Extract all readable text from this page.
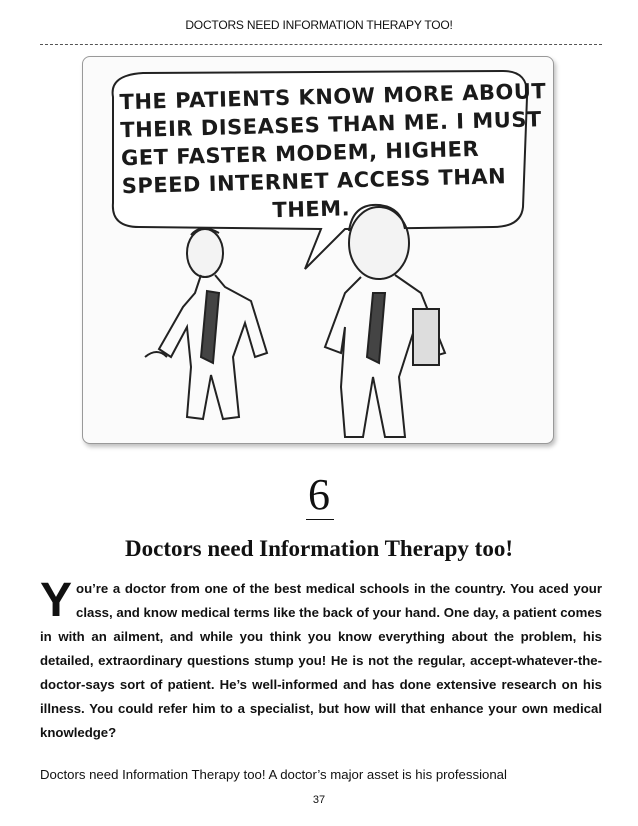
DOCTORS NEED INFORMATION THERAPY TOO!
THE PATIENTS KNOW MORE ABOUT
THEIR DISEASES THAN ME. I MUST
GET FASTER MODEM, HIGHER
SPEED INTERNET ACCESS THAN
THEM.
6
Doctors need Information Therapy too!
Y ou’re a doctor from one of the best medical schools in the country. You aced your class, and know medical terms like the back of your hand. One day, a patient comes in with an ailment, and while you think you know everything about the problem, his detailed, extraordinary questions stump you! He is not the regular, accept-whatever-the- doctor-says sort of patient. He’s well-informed and has done extensive research on his illness. You could refer him to a specialist, but how will that enhance your own medical knowledge?
Doctors need Information Therapy too! A doctor’s major asset is his professional
37
